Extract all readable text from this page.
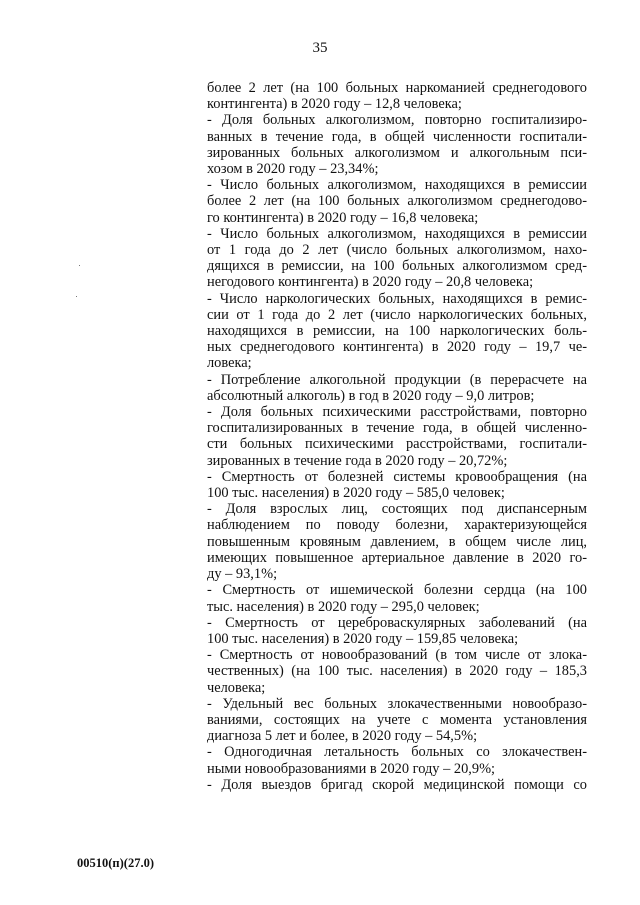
35
более 2 лет (на 100 больных наркоманией среднегодового
контингента) в 2020 году – 12,8 человека;
- Доля больных алкоголизмом, повторно госпитализиро-
ванных в течение года, в общей численности госпитали-
зированных больных алкоголизмом и алкогольным пси-
хозом в 2020 году – 23,34%;
- Число больных алкоголизмом, находящихся в ремиссии
более 2 лет (на 100 больных алкоголизмом среднегодово-
го контингента) в 2020 году – 16,8 человека;
- Число больных алкоголизмом, находящихся в ремиссии
от 1 года до 2 лет (число больных алкоголизмом, нахо-
дящихся в ремиссии, на 100 больных алкоголизмом сред-
негодового контингента) в 2020 году – 20,8 человека;
- Число наркологических больных, находящихся в ремис-
сии от 1 года до 2 лет (число наркологических больных,
находящихся в ремиссии, на 100 наркологических боль-
ных среднегодового контингента) в 2020 году – 19,7 че-
ловека;
- Потребление алкогольной продукции (в перерасчете на
абсолютный алкоголь) в год в 2020 году – 9,0 литров;
- Доля больных психическими расстройствами, повторно
госпитализированных в течение года, в общей численно-
сти больных психическими расстройствами, госпитали-
зированных в течение года в 2020 году – 20,72%;
- Смертность от болезней системы кровообращения (на
100 тыс. населения) в 2020 году – 585,0 человек;
- Доля взрослых лиц, состоящих под диспансерным
наблюдением по поводу болезни, характеризующейся
повышенным кровяным давлением, в общем числе лиц,
имеющих повышенное артериальное давление в 2020 го-
ду – 93,1%;
- Смертность от ишемической болезни сердца (на 100
тыс. населения) в 2020 году – 295,0 человек;
- Смертность от цереброваскулярных заболеваний (на
100 тыс. населения) в 2020 году – 159,85 человека;
- Смертность от новообразований (в том числе от злока-
чественных) (на 100 тыс. населения) в 2020 году – 185,3
человека;
- Удельный вес больных злокачественными новообразо-
ваниями, состоящих на учете с момента установления
диагноза 5 лет и более, в 2020 году – 54,5%;
- Одногодичная летальность больных со злокачествен-
ными новообразованиями в 2020 году – 20,9%;
- Доля выездов бригад скорой медицинской помощи со
00510(п)(27.0)
